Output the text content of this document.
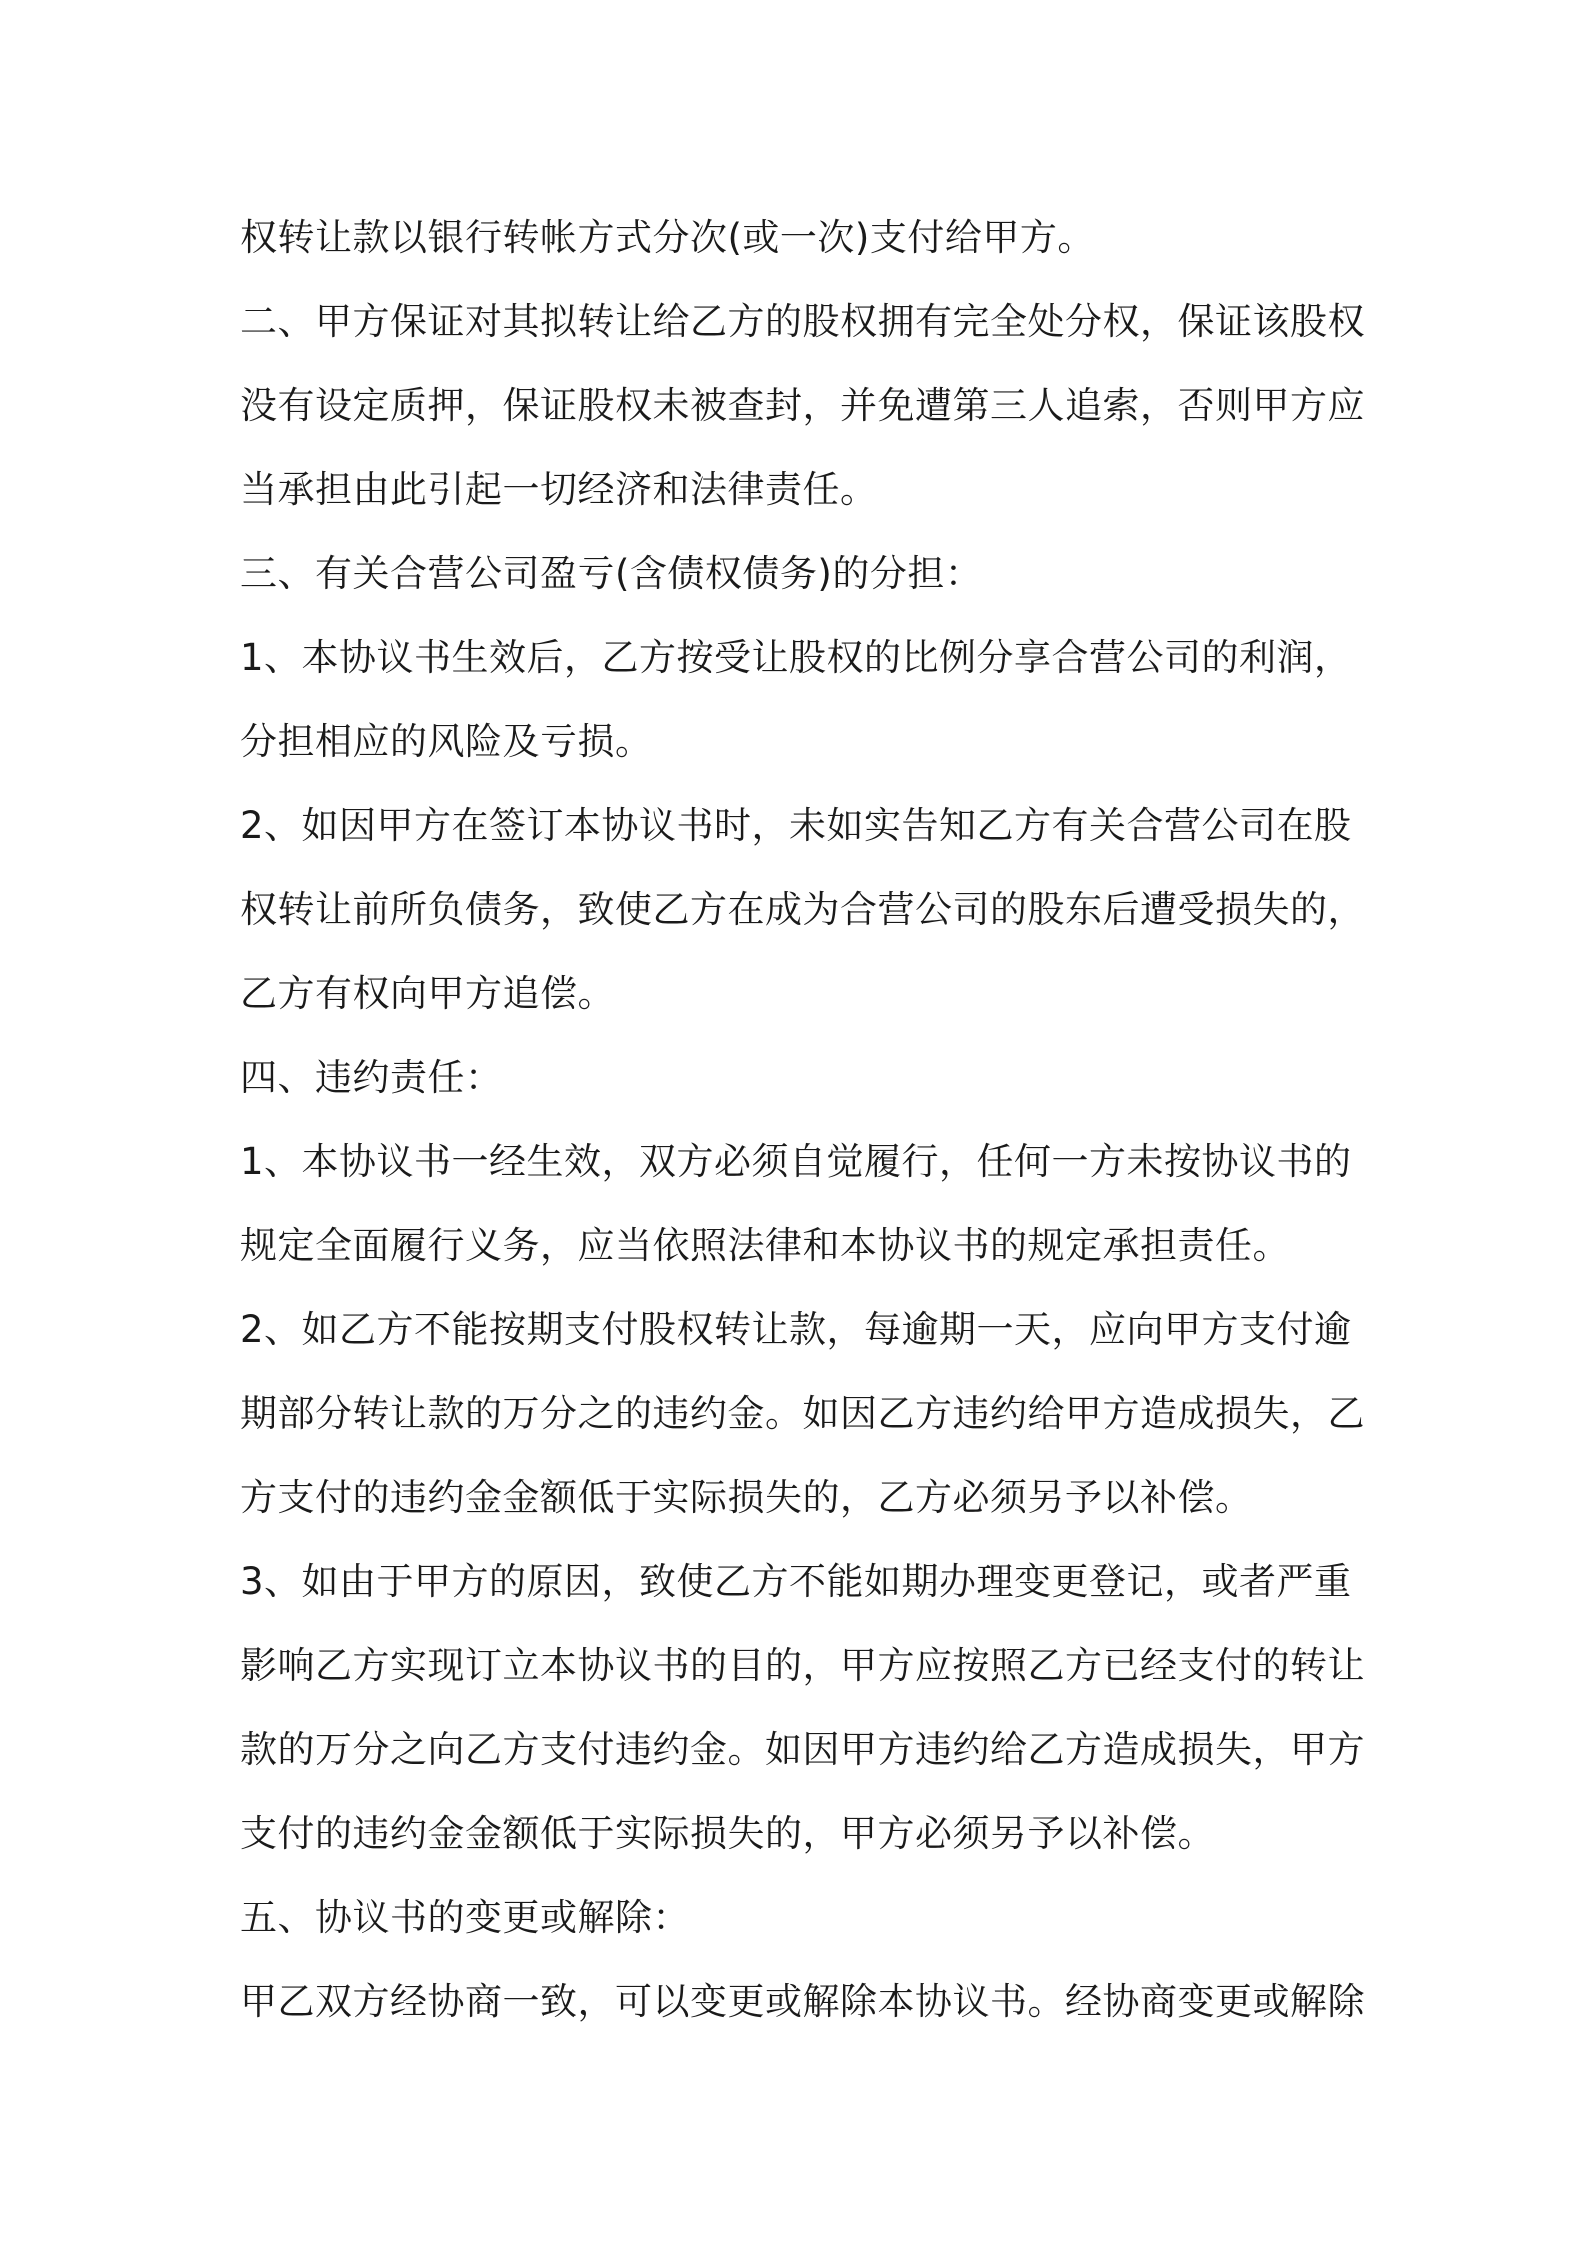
权转让款以银行转帐方式分次(或一次)支付给甲方。
二、甲方保证对其拟转让给乙方的股权拥有完全处分权，保证该股权
没有设定质押，保证股权未被查封，并免遭第三人追索，否则甲方应
当承担由此引起一切经济和法律责任。
三、有关合营公司盈亏(含债权债务)的分担：
1、本协议书生效后，乙方按受让股权的比例分享合营公司的利润，
分担相应的风险及亏损。
2、如因甲方在签订本协议书时，未如实告知乙方有关合营公司在股
权转让前所负债务，致使乙方在成为合营公司的股东后遭受损失的，
乙方有权向甲方追偿。
四、违约责任：
1、本协议书一经生效，双方必须自觉履行，任何一方未按协议书的
规定全面履行义务，应当依照法律和本协议书的规定承担责任。
2、如乙方不能按期支付股权转让款，每逾期一天，应向甲方支付逾
期部分转让款的万分之的违约金。如因乙方违约给甲方造成损失，乙
方支付的违约金金额低于实际损失的，乙方必须另予以补偿。
3、如由于甲方的原因，致使乙方不能如期办理变更登记，或者严重
影响乙方实现订立本协议书的目的，甲方应按照乙方已经支付的转让
款的万分之向乙方支付违约金。如因甲方违约给乙方造成损失，甲方
支付的违约金金额低于实际损失的，甲方必须另予以补偿。
五、协议书的变更或解除：
甲乙双方经协商一致，可以变更或解除本协议书。经协商变更或解除
